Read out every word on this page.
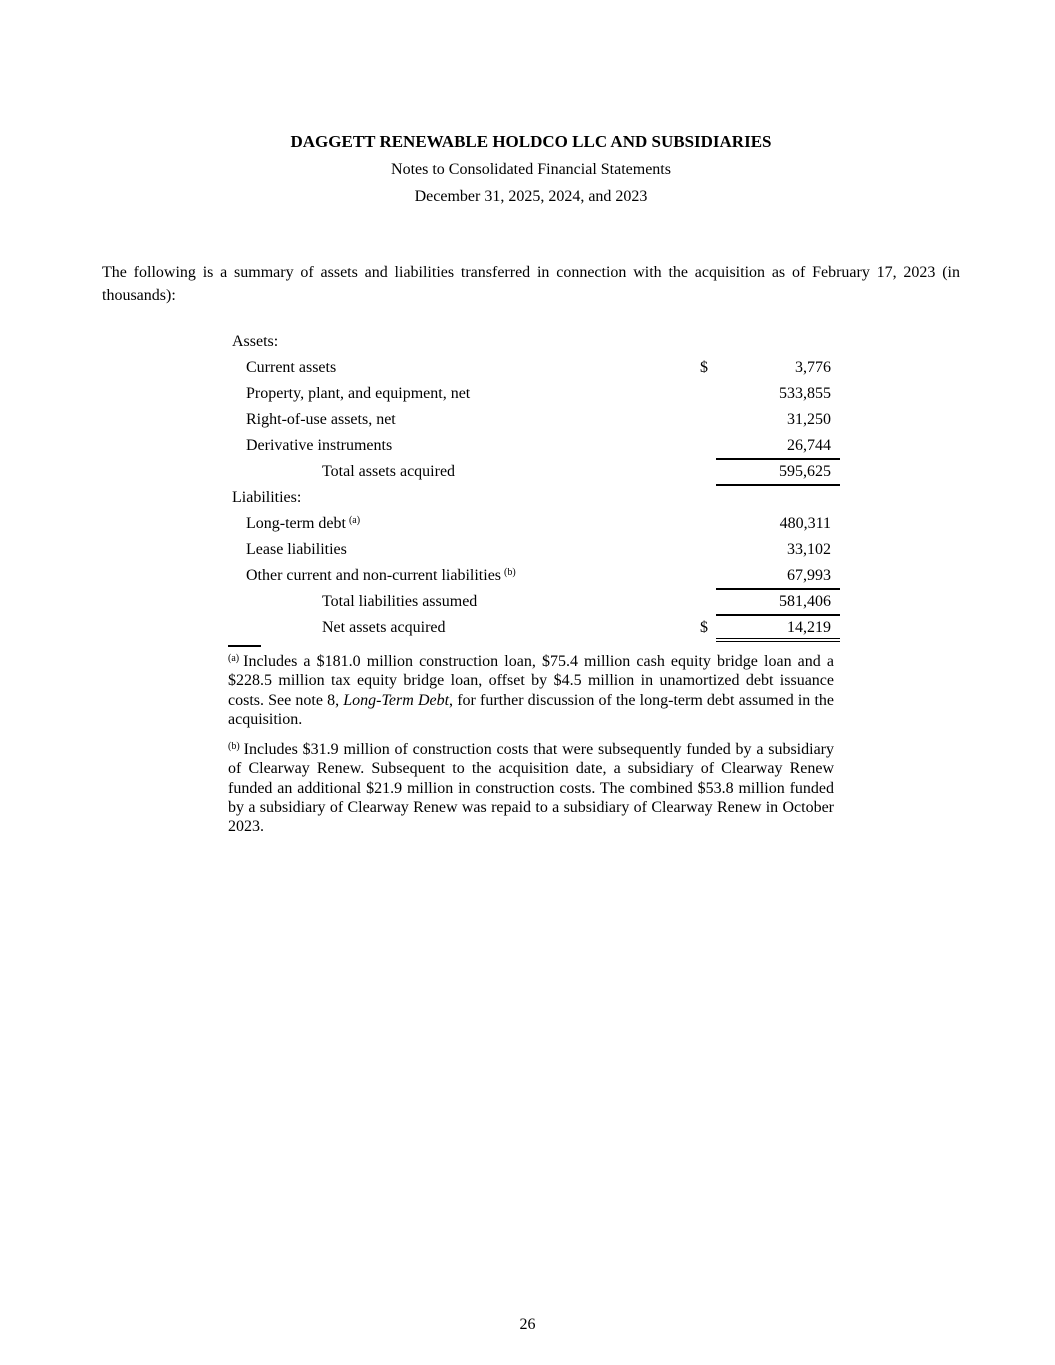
DAGGETT RENEWABLE HOLDCO LLC AND SUBSIDIARIES
Notes to Consolidated Financial Statements
December 31, 2025, 2024, and 2023

The following is a summary of assets and liabilities transferred in connection with the acquisition as of February 17, 2023 (in thousands):

Assets:
Current assets	$	3,776
Property, plant, and equipment, net	533,855
Right-of-use assets, net	31,250
Derivative instruments	26,744
Total assets acquired	595,625
Liabilities:
Long-term debt $^{(a)}$	480,311
Lease liabilities	33,102
Other current and non-current liabilities $^{(b)}$	67,993
Total liabilities assumed	581,406
Net assets acquired	$	14,219

$^{(a)}$ Includes a $181.0 million construction loan, $75.4 million cash equity bridge loan and a $228.5 million tax equity bridge loan, offset by $4.5 million in unamortized debt issuance costs. See note 8, Long-Term Debt, for further discussion of the long-term debt assumed in the acquisition.

$^{(b)}$ Includes $31.9 million of construction costs that were subsequently funded by a subsidiary of Clearway Renew. Subsequent to the acquisition date, a subsidiary of Clearway Renew funded an additional $21.9 million in construction costs. The combined $53.8 million funded by a subsidiary of Clearway Renew was repaid to a subsidiary of Clearway Renew in October 2023.

26
